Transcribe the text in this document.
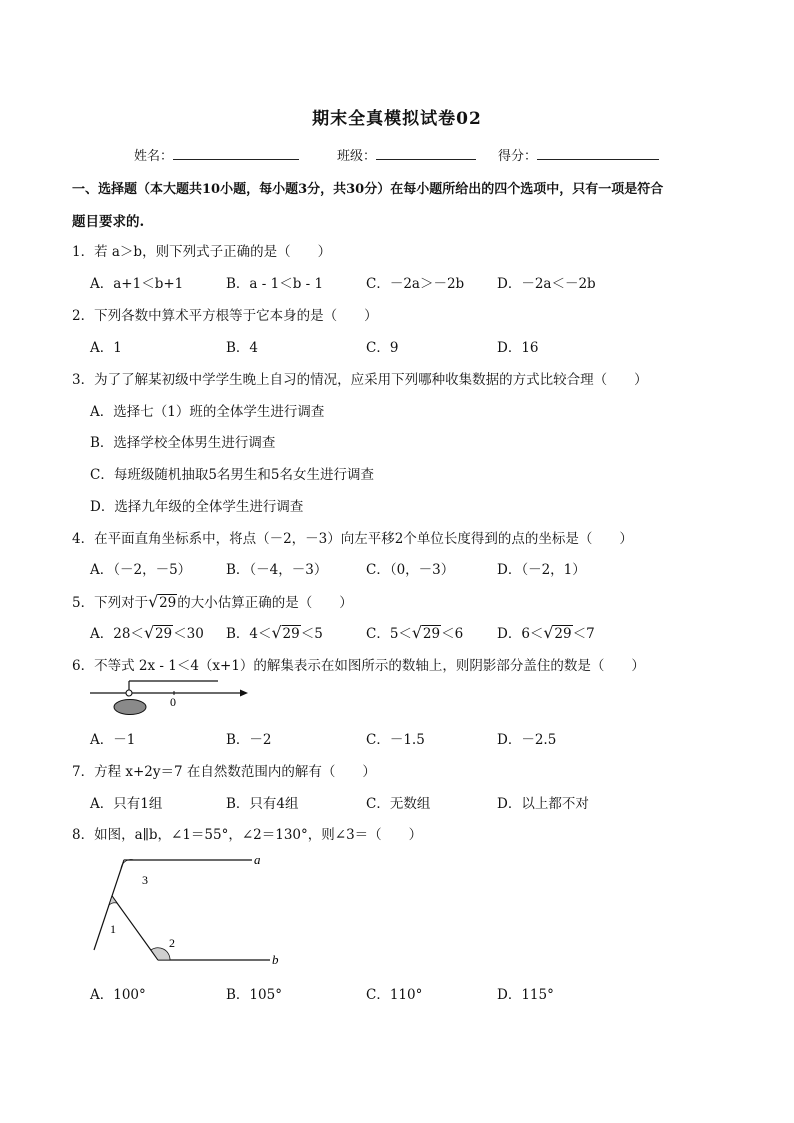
期末全真模拟试卷02
姓名：	班级：	得分：
一、选择题（本大题共10小题，每小题3分，共30分）在每小题所给出的四个选项中，只有一项是符合
题目要求的.
1．若 a＞b，则下列式子正确的是（　　）
A．a+1＜b+1	B．a - 1＜b - 1	C．－2a＞－2b D．－2a＜－2b
2．下列各数中算术平方根等于它本身的是（　　）
A．1	B．4	C．9	D．16
3．为了了解某初级中学学生晚上自习的情况，应采用下列哪种收集数据的方式比较合理（　　）
A．选择七（1）班的全体学生进行调查
B．选择学校全体男生进行调查
C．每班级随机抽取5名男生和5名女生进行调查
D．选择九年级的全体学生进行调查
4．在平面直角坐标系中，将点（－2，－3）向左平移2个单位长度得到的点的坐标是（　　）
A．（－2，－5）	B．（－4，－3）	C．（0，－3）	D．（－2，1）
5．下列对于 √ 29的大小估算正确的是（　　）
A．28＜ √ 29＜30 B．4＜ √ 29＜5	C．5＜ √ 29＜6	D．6＜ √ 29＜7
6．不等式 2x - 1＜4（x+1）的解集表示在如图所示的数轴上，则阴影部分盖住的数是（　　）
0
A．－1	B．－2	C．－1.5	D．－2.5
7．方程 x+2y＝7 在自然数范围内的解有（　　）
A．只有1组	B．只有4组	C．无数组	D．以上都不对
8．如图，a∥b，∠1＝55°，∠2＝130°，则∠3＝（　　）
a
b
3
1
2
A．100°	B．105°	C．110°	D．115°
